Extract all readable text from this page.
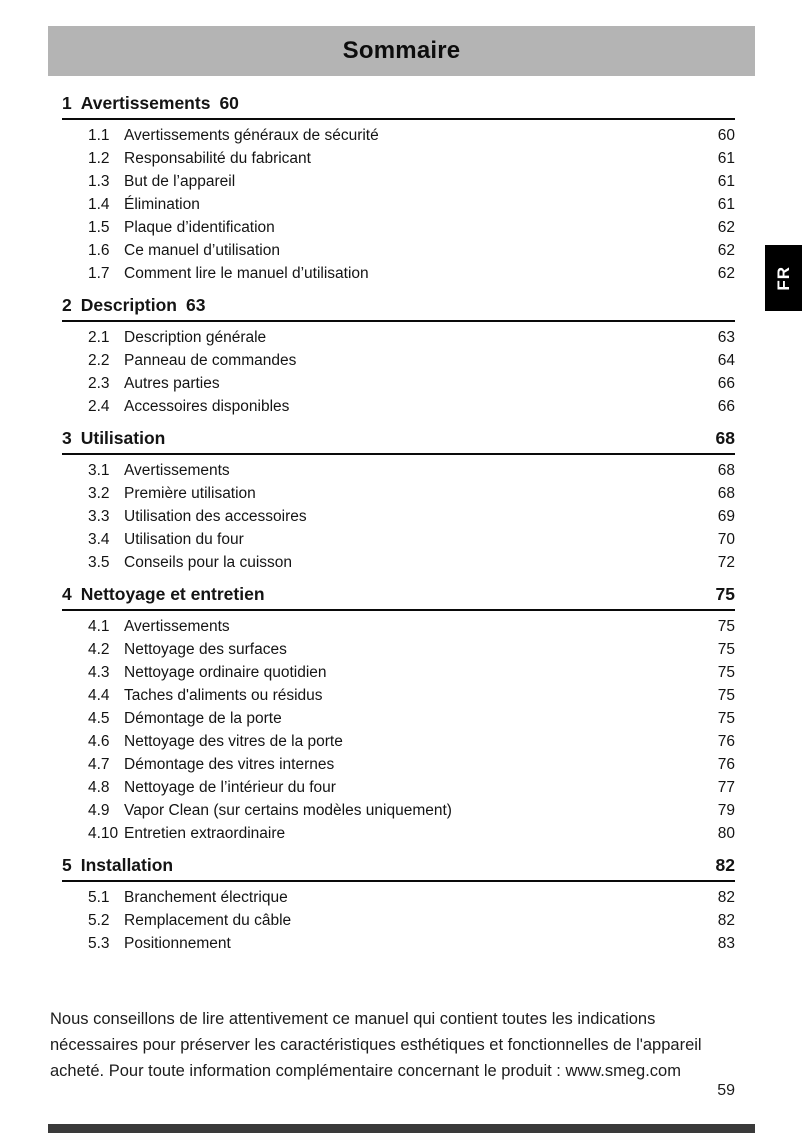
Sommaire
FR
1 Avertissements 60
1.1 Avertissements généraux de sécurité	60
1.2 Responsabilité du fabricant	61
1.3 But de l’appareil	61
1.4 Élimination	61
1.5 Plaque d’identification	62
1.6 Ce manuel d’utilisation	62
1.7 Comment lire le manuel d’utilisation	62
2 Description 63
2.1 Description générale	63
2.2 Panneau de commandes	64
2.3 Autres parties	66
2.4 Accessoires disponibles	66
3 Utilisation	68
3.1 Avertissements	68
3.2 Première utilisation	68
3.3 Utilisation des accessoires	69
3.4 Utilisation du four	70
3.5 Conseils pour la cuisson	72
4 Nettoyage et entretien	75
4.1 Avertissements	75
4.2 Nettoyage des surfaces	75
4.3 Nettoyage ordinaire quotidien	75
4.4 Taches d'aliments ou résidus	75
4.5 Démontage de la porte	75
4.6 Nettoyage des vitres de la porte	76
4.7 Démontage des vitres internes	76
4.8 Nettoyage de l’intérieur du four	77
4.9 Vapor Clean (sur certains modèles uniquement)	79
4.10 Entretien extraordinaire	80
5 Installation	82
5.1 Branchement électrique	82
5.2 Remplacement du câble	82
5.3 Positionnement	83

Nous conseillons de lire attentivement ce manuel qui contient toutes les indications nécessaires pour préserver les caractéristiques esthétiques et fonctionnelles de l'appareil acheté. Pour toute information complémentaire concernant le produit : www.smeg.com

59
